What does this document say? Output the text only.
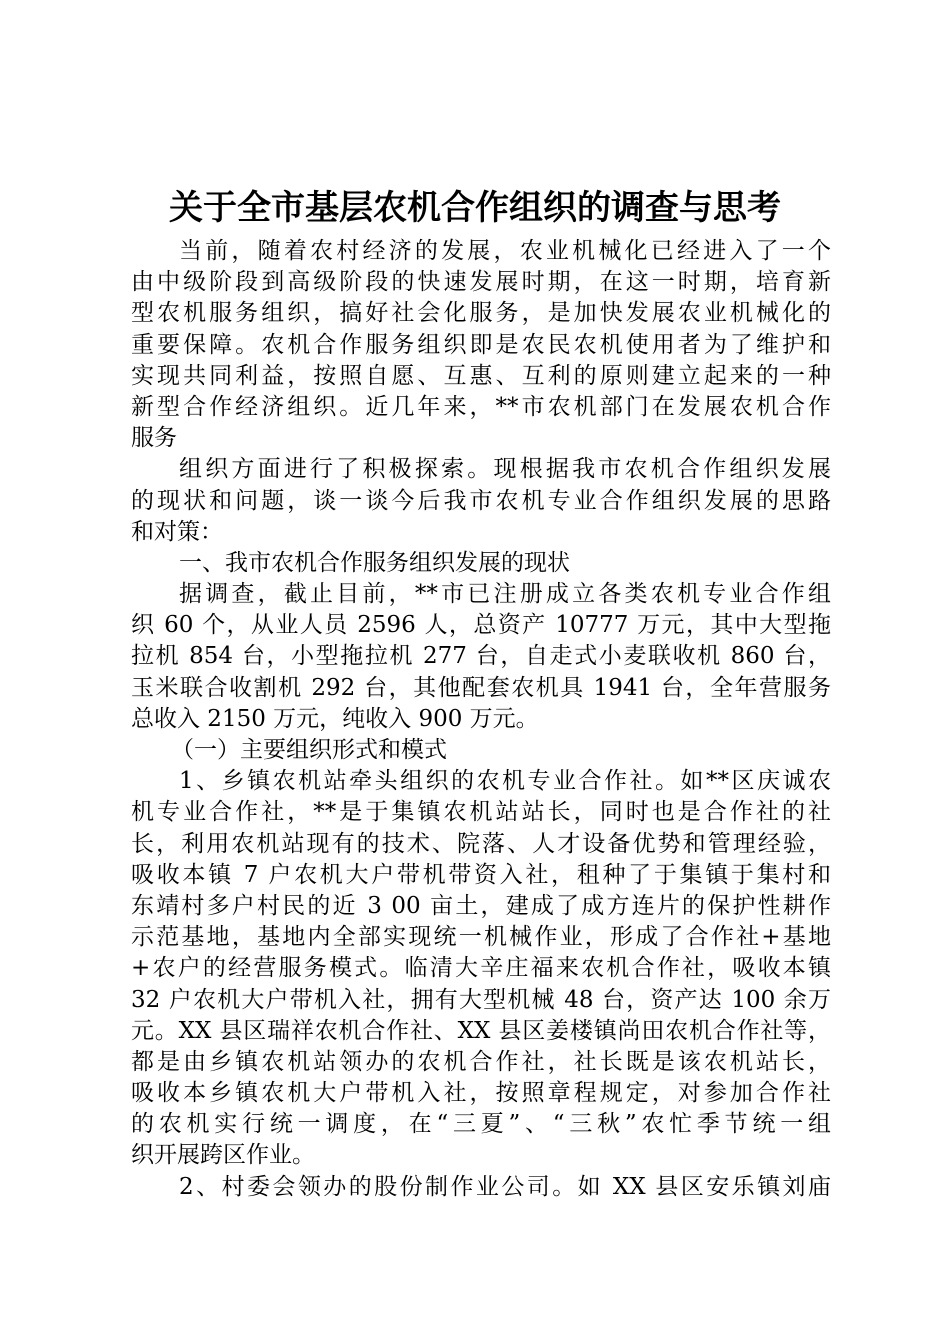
关于全市基层农机合作组织的调查与思考
当前，随着农村经济的发展，农业机械化已经进入了一个
由中级阶段到高级阶段的快速发展时期，在这一时期，培育新
型农机服务组织，搞好社会化服务，是加快发展农业机械化的
重要保障。农机合作服务组织即是农民农机使用者为了维护和
实现共同利益，按照自愿、互惠、互利的原则建立起来的一种
新型合作经济组织。近几年来，**市农机部门在发展农机合作
服务
组织方面进行了积极探索。现根据我市农机合作组织发展
的现状和问题，谈一谈今后我市农机专业合作组织发展的思路
和对策：
一、我市农机合作服务组织发展的现状
据调查，截止目前，**市已注册成立各类农机专业合作组
织 60 个，从业人员 2596 人，总资产 10777 万元，其中大型拖
拉机 854 台，小型拖拉机 277 台，自走式小麦联收机 860 台，
玉米联合收割机 292 台，其他配套农机具 1941 台，全年营服务
总收入 2150 万元，纯收入 900 万元。
（一）主要组织形式和模式
1、乡镇农机站牵头组织的农机专业合作社。如**区庆诚农
机专业合作社，**是于集镇农机站站长，同时也是合作社的社
长，利用农机站现有的技术、院落、人才设备优势和管理经验，
吸收本镇 7 户农机大户带机带资入社，租种了于集镇于集村和
东靖村多户村民的近 3 00 亩土，建成了成方连片的保护性耕作
示范基地，基地内全部实现统一机械作业，形成了合作社+基地
+农户的经营服务模式。临清大辛庄福来农机合作社，吸收本镇
32 户农机大户带机入社，拥有大型机械 48 台，资产达 100 余万
元。XX 县区瑞祥农机合作社、XX 县区姜楼镇尚田农机合作社等，
都是由乡镇农机站领办的农机合作社，社长既是该农机站长，
吸收本乡镇农机大户带机入社，按照章程规定，对参加合作社
的农机实行统一调度，在“三夏”、“三秋”农忙季节统一组
织开展跨区作业。
2、村委会领办的股份制作业公司。如 XX 县区安乐镇刘庙
